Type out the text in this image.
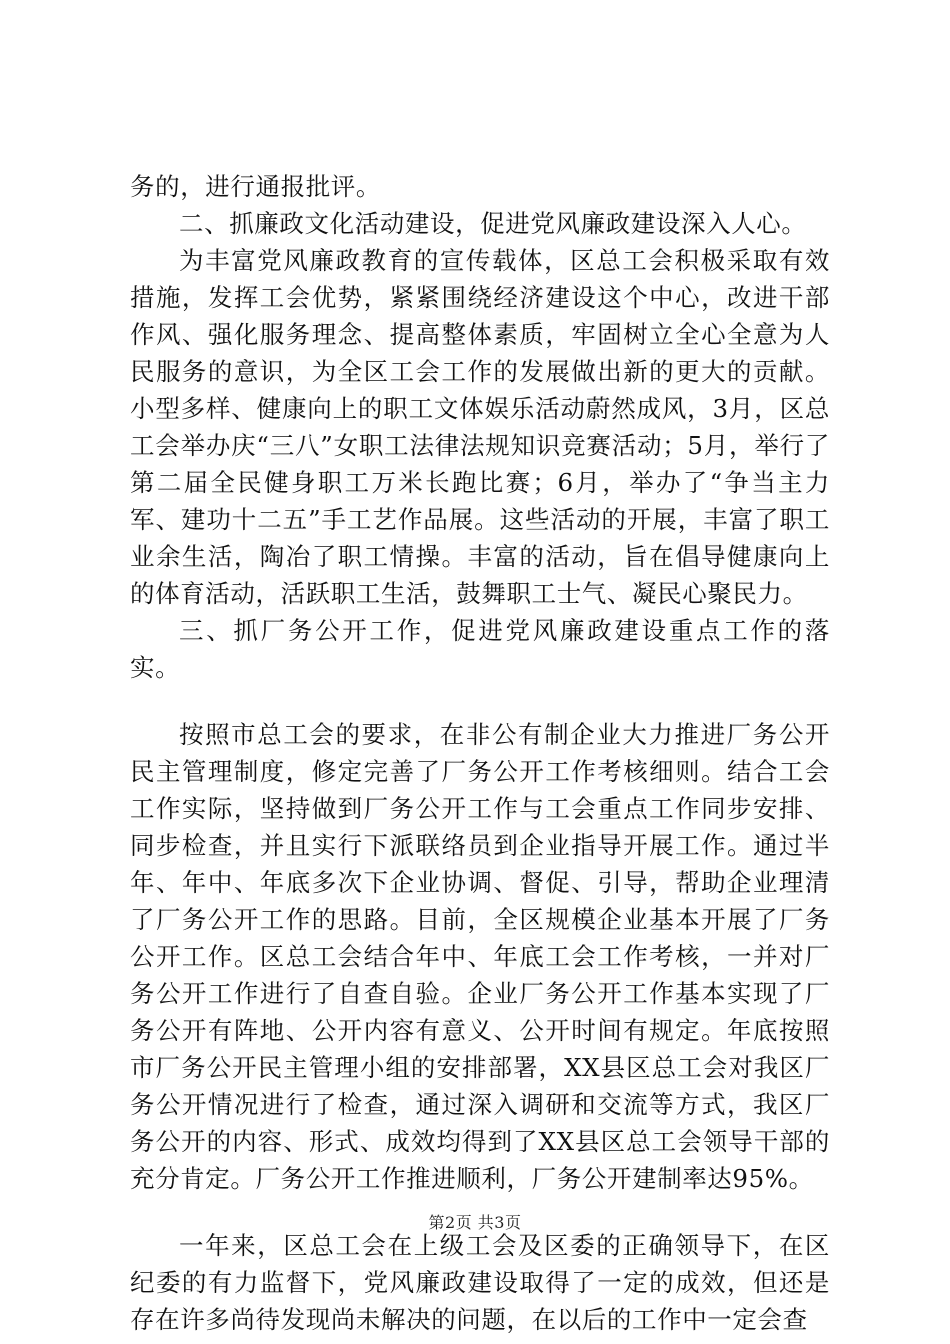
务的，进行通报批评。

二、抓廉政文化活动建设，促进党风廉政建设深入人心。

为丰富党风廉政教育的宣传载体，区总工会积极采取有效措施，发挥工会优势，紧紧围绕经济建设这个中心，改进干部作风、强化服务理念、提高整体素质，牢固树立全心全意为人民服务的意识，为全区工会工作的发展做出新的更大的贡献。小型多样、健康向上的职工文体娱乐活动蔚然成风，3月，区总工会举办庆“三八”女职工法律法规知识竞赛活动；5月，举行了第二届全民健身职工万米长跑比赛；6月，举办了“争当主力军、建功十二五”手工艺作品展。这些活动的开展，丰富了职工业余生活，陶冶了职工情操。丰富的活动，旨在倡导健康向上的体育活动，活跃职工生活，鼓舞职工士气、凝民心聚民力。

三、抓厂务公开工作，促进党风廉政建设重点工作的落实。

按照市总工会的要求，在非公有制企业大力推进厂务公开民主管理制度，修定完善了厂务公开工作考核细则。结合工会工作实际，坚持做到厂务公开工作与工会重点工作同步安排、同步检查，并且实行下派联络员到企业指导开展工作。通过半年、年中、年底多次下企业协调、督促、引导，帮助企业理清了厂务公开工作的思路。目前，全区规模企业基本开展了厂务公开工作。区总工会结合年中、年底工会工作考核，一并对厂务公开工作进行了自查自验。企业厂务公开工作基本实现了厂务公开有阵地、公开内容有意义、公开时间有规定。年底按照市厂务公开民主管理小组的安排部署，XX县区总工会对我区厂务公开情况进行了检查，通过深入调研和交流等方式，我区厂务公开的内容、形式、成效均得到了XX县区总工会领导干部的充分肯定。厂务公开工作推进顺利，厂务公开建制率达95%。

一年来，区总工会在上级工会及区委的正确领导下，在区纪委的有力监督下，党风廉政建设取得了一定的成效，但还是存在许多尚待发现尚未解决的问题，在以后的工作中一定会查

第2页 共3页
